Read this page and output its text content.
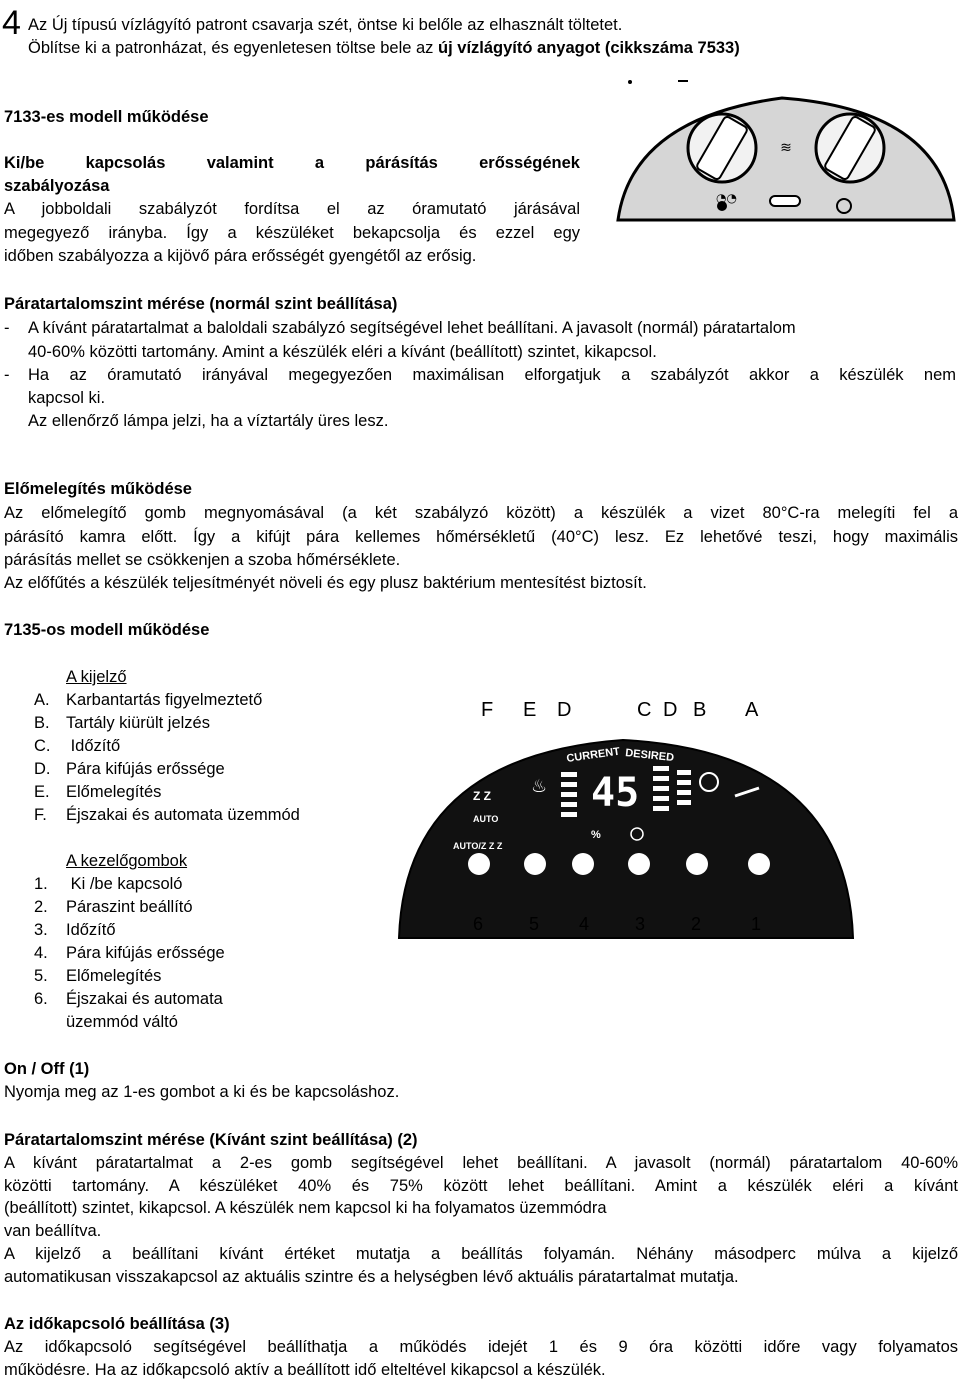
4 Az Új típusú vízlágyító patront csavarja szét, öntse ki belőle az elhasznált töltetet.
Öblítse ki a patronházat, és egyenletesen töltse bele az új vízlágyító anyagot (cikkszáma 7533)
7133-es modell működése
Ki/be kapcsolás valamint a párásítás erősségének
szabályozása
A jobboldali szabályzót fordítsa el az óramutató járásával
megegyező irányba. Így a készüléket bekapcsolja és ezzel egy
időben szabályozza a kijövő pára erősségét gyengétől az erősig.
≋
◔◔
Páratartalomszint mérése (normál szint beállítása)
- A kívánt páratartalmat a baloldali szabályzó segítségével lehet beállítani. A javasolt (normál) páratartalom
40-60% közötti tartomány. Amint a készülék eléri a kívánt (beállított) szintet, kikapcsol.
- Ha az óramutató irányával megegyezően maximálisan elforgatjuk a szabályzót akkor a készülék nem
kapcsol ki.
Az ellenőrző lámpa jelzi, ha a víztartály üres lesz.
Előmelegítés működése
Az előmelegítő gomb megnyomásával (a két szabályzó között) a készülék a vizet 80°C-ra melegíti fel a
párásító kamra előtt. Így a kifújt pára kellemes hőmérsékletű (40°C) lesz. Ez lehetővé teszi, hogy maximális
párásítás mellet se csökkenjen a szoba hőmérséklete.
Az előfűtés a készülék teljesítményét növeli és egy plusz baktérium mentesítést biztosít.
7135-os modell működése
A kijelző
A. Karbantartás figyelmeztető
B. Tartály kiürült jelzés
C. Időzítő
D. Pára kifújás erőssége
E. Előmelegítés
F. Éjszakai és automata üzemmód
A kezelőgombok
1. Ki /be kapcsoló
2. Páraszint beállító
3. Időzítő
4. Pára kifújás erőssége
5. Előmelegítés
6. Éjszakai és automata
üzemmód váltó
F E D	C D B A
CURRENT DESIRED
45
%
Z Z
AUTO
AUTO/Z Z Z
♨
6	5 4	3	2	1
On / Off (1)
Nyomja meg az 1-es gombot a ki és be kapcsoláshoz.
Páratartalomszint mérése (Kívánt szint beállítása) (2)
A kívánt páratartalmat a 2-es gomb segítségével lehet beállítani. A javasolt (normál) páratartalom 40-60%
közötti tartomány. A készüléket 40% és 75% között lehet beállítani. Amint a készülék eléri a kívánt
(beállított) szintet, kikapcsol. A készülék nem kapcsol ki ha folyamatos üzemmódra
van beállítva.
A kijelző a beállítani kívánt értéket mutatja a beállítás folyamán. Néhány másodperc múlva a kijelző
automatikusan visszakapcsol az aktuális szintre és a helységben lévő aktuális páratartalmat mutatja.
Az időkapcsoló beállítása (3)
Az időkapcsoló segítségével beállíthatja a működés idejét 1 és 9 óra közötti időre vagy folyamatos
működésre. Ha az időkapcsoló aktív a beállított idő elteltével kikapcsol a készülék.
